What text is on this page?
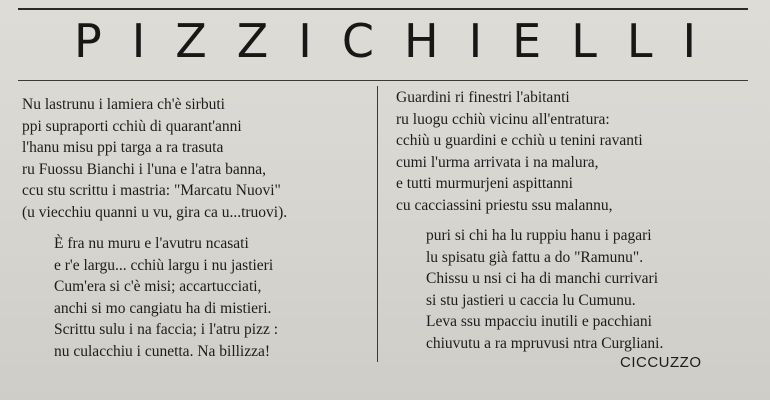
PIZZICHIELLI
Nu lastrunu i lamiera ch'è sirbuti
ppi supraporti cchiù di quarant'anni
l'hanu misu ppi targa a ra trasuta
ru Fuossu Bianchi i l'una e l'atra banna,
ccu stu scrittu i mastria: "Marcatu Nuovi"
(u viecchiu quanni u vu, gira ca u...truovi).
È fra nu muru e l'avutru ncasati
e r'e largu... cchiù largu i nu jastieri
Cum'era si c'è misi; accartucciati,
anchi si mo cangiatu ha di mistieri.
Scrittu sulu i na faccia; i l'atru pizz :
nu culacchiu i cunetta. Na billizza!
Guardini ri finestri l'abitanti
ru luogu cchiù vicinu all'entratura:
cchiù u guardini e cchiù u tenini ravanti
cumi l'urma arrivata i na malura,
e tutti murmurjeni aspittanni
cu cacciassini priestu ssu malannu,
puri si chi ha lu ruppiu hanu i pagari
lu spisatu già fattu a do "Ramunu".
Chissu u nsi ci ha di manchi currivari
si stu jastieri u caccia lu Cumunu.
Leva ssu mpacciu inutili e pacchiani
chiuvutu a ra mpruvusi ntra Curgliani.
CICCUZZO
